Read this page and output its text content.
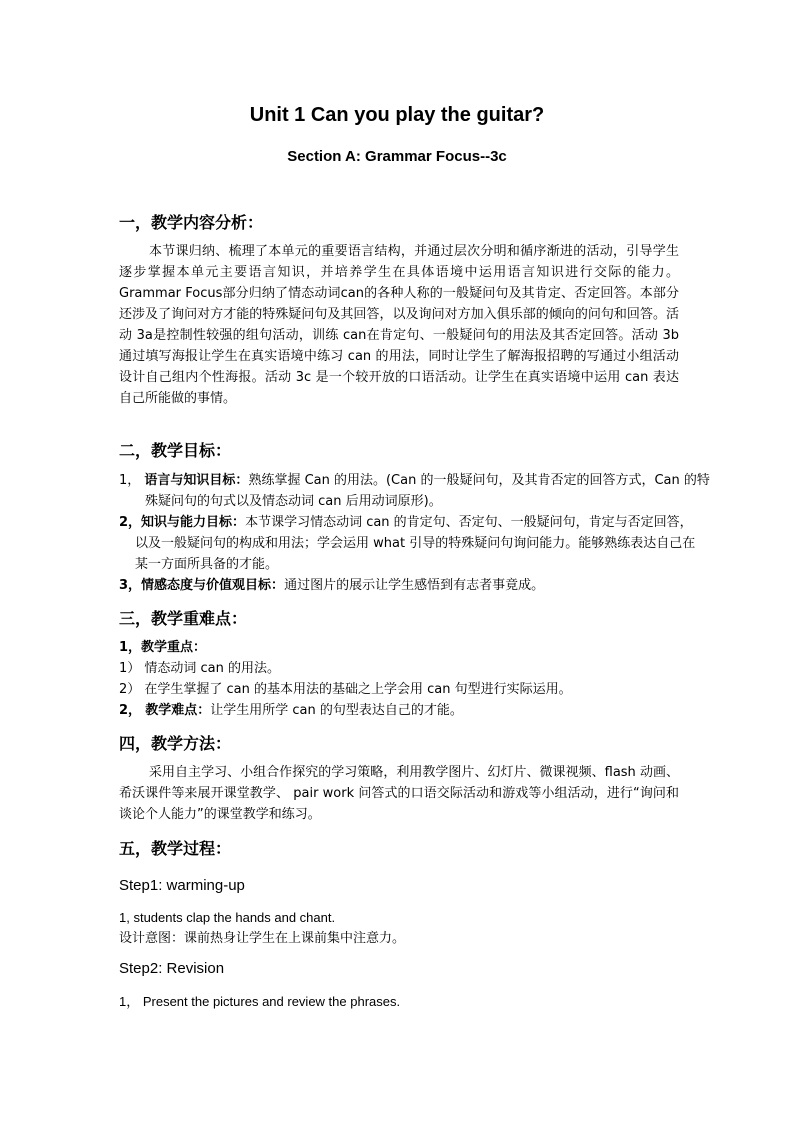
Unit 1 Can you play the guitar?
Section A: Grammar Focus--3c
一，教学内容分析：

本节课归纳、梳理了本单元的重要语言结构，并通过层次分明和循序渐进的活动，引导学生逐步掌握本单元主要语言知识，并培养学生在具体语境中运用语言知识进行交际的能力。 Grammar Focus部分归纳了情态动词can的各种人称的一般疑问句及其肯定、否定回答。本部分还涉及了询问对方才能的特殊疑问句及其回答，以及询问对方加入俱乐部的倾向的问句和回答。活动 3a是控制性较强的组句活动，训练 can在肯定句、一般疑问句的用法及其否定回答。活动 3b 通过填写海报让学生在真实语境中练习 can 的用法，同时让学生了解海报招聘的写通过小组活动设计自己组内个性海报。活动 3c 是一个较开放的口语活动。让学生在真实语境中运用 can 表达自己所能做的事情。

二，教学目标：

1， 语言与知识目标：熟练掌握 Can 的用法。(Can 的一般疑问句，及其肯否定的回答方式，Can 的特殊疑问句的句式以及情态动词 can 后用动词原形)。

2，知识与能力目标：本节课学习情态动词 can 的肯定句、否定句、一般疑问句，肯定与否定回答，以及一般疑问句的构成和用法；学会运用 what 引导的特殊疑问句询问能力。能够熟练表达自己在某一方面所具备的才能。

3，情感态度与价值观目标：通过图片的展示让学生感悟到有志者事竟成。

三，教学重难点：

1，教学重点：

1） 情态动词 can 的用法。

2） 在学生掌握了 can 的基本用法的基础之上学会用 can 句型进行实际运用。

2， 教学难点：让学生用所学 can 的句型表达自己的才能。

四，教学方法：

采用自主学习、小组合作探究的学习策略，利用教学图片、幻灯片、微课视频、flash 动画、希沃课件等来展开课堂教学、 pair work 问答式的口语交际活动和游戏等小组活动，进行“询问和谈论个人能力”的课堂教学和练习。

五，教学过程：
Step1: warming-up

1, students clap the hands and chant.

设计意图：课前热身让学生在上课前集中注意力。

Step2: Revision

1， Present the pictures and review the phrases.
